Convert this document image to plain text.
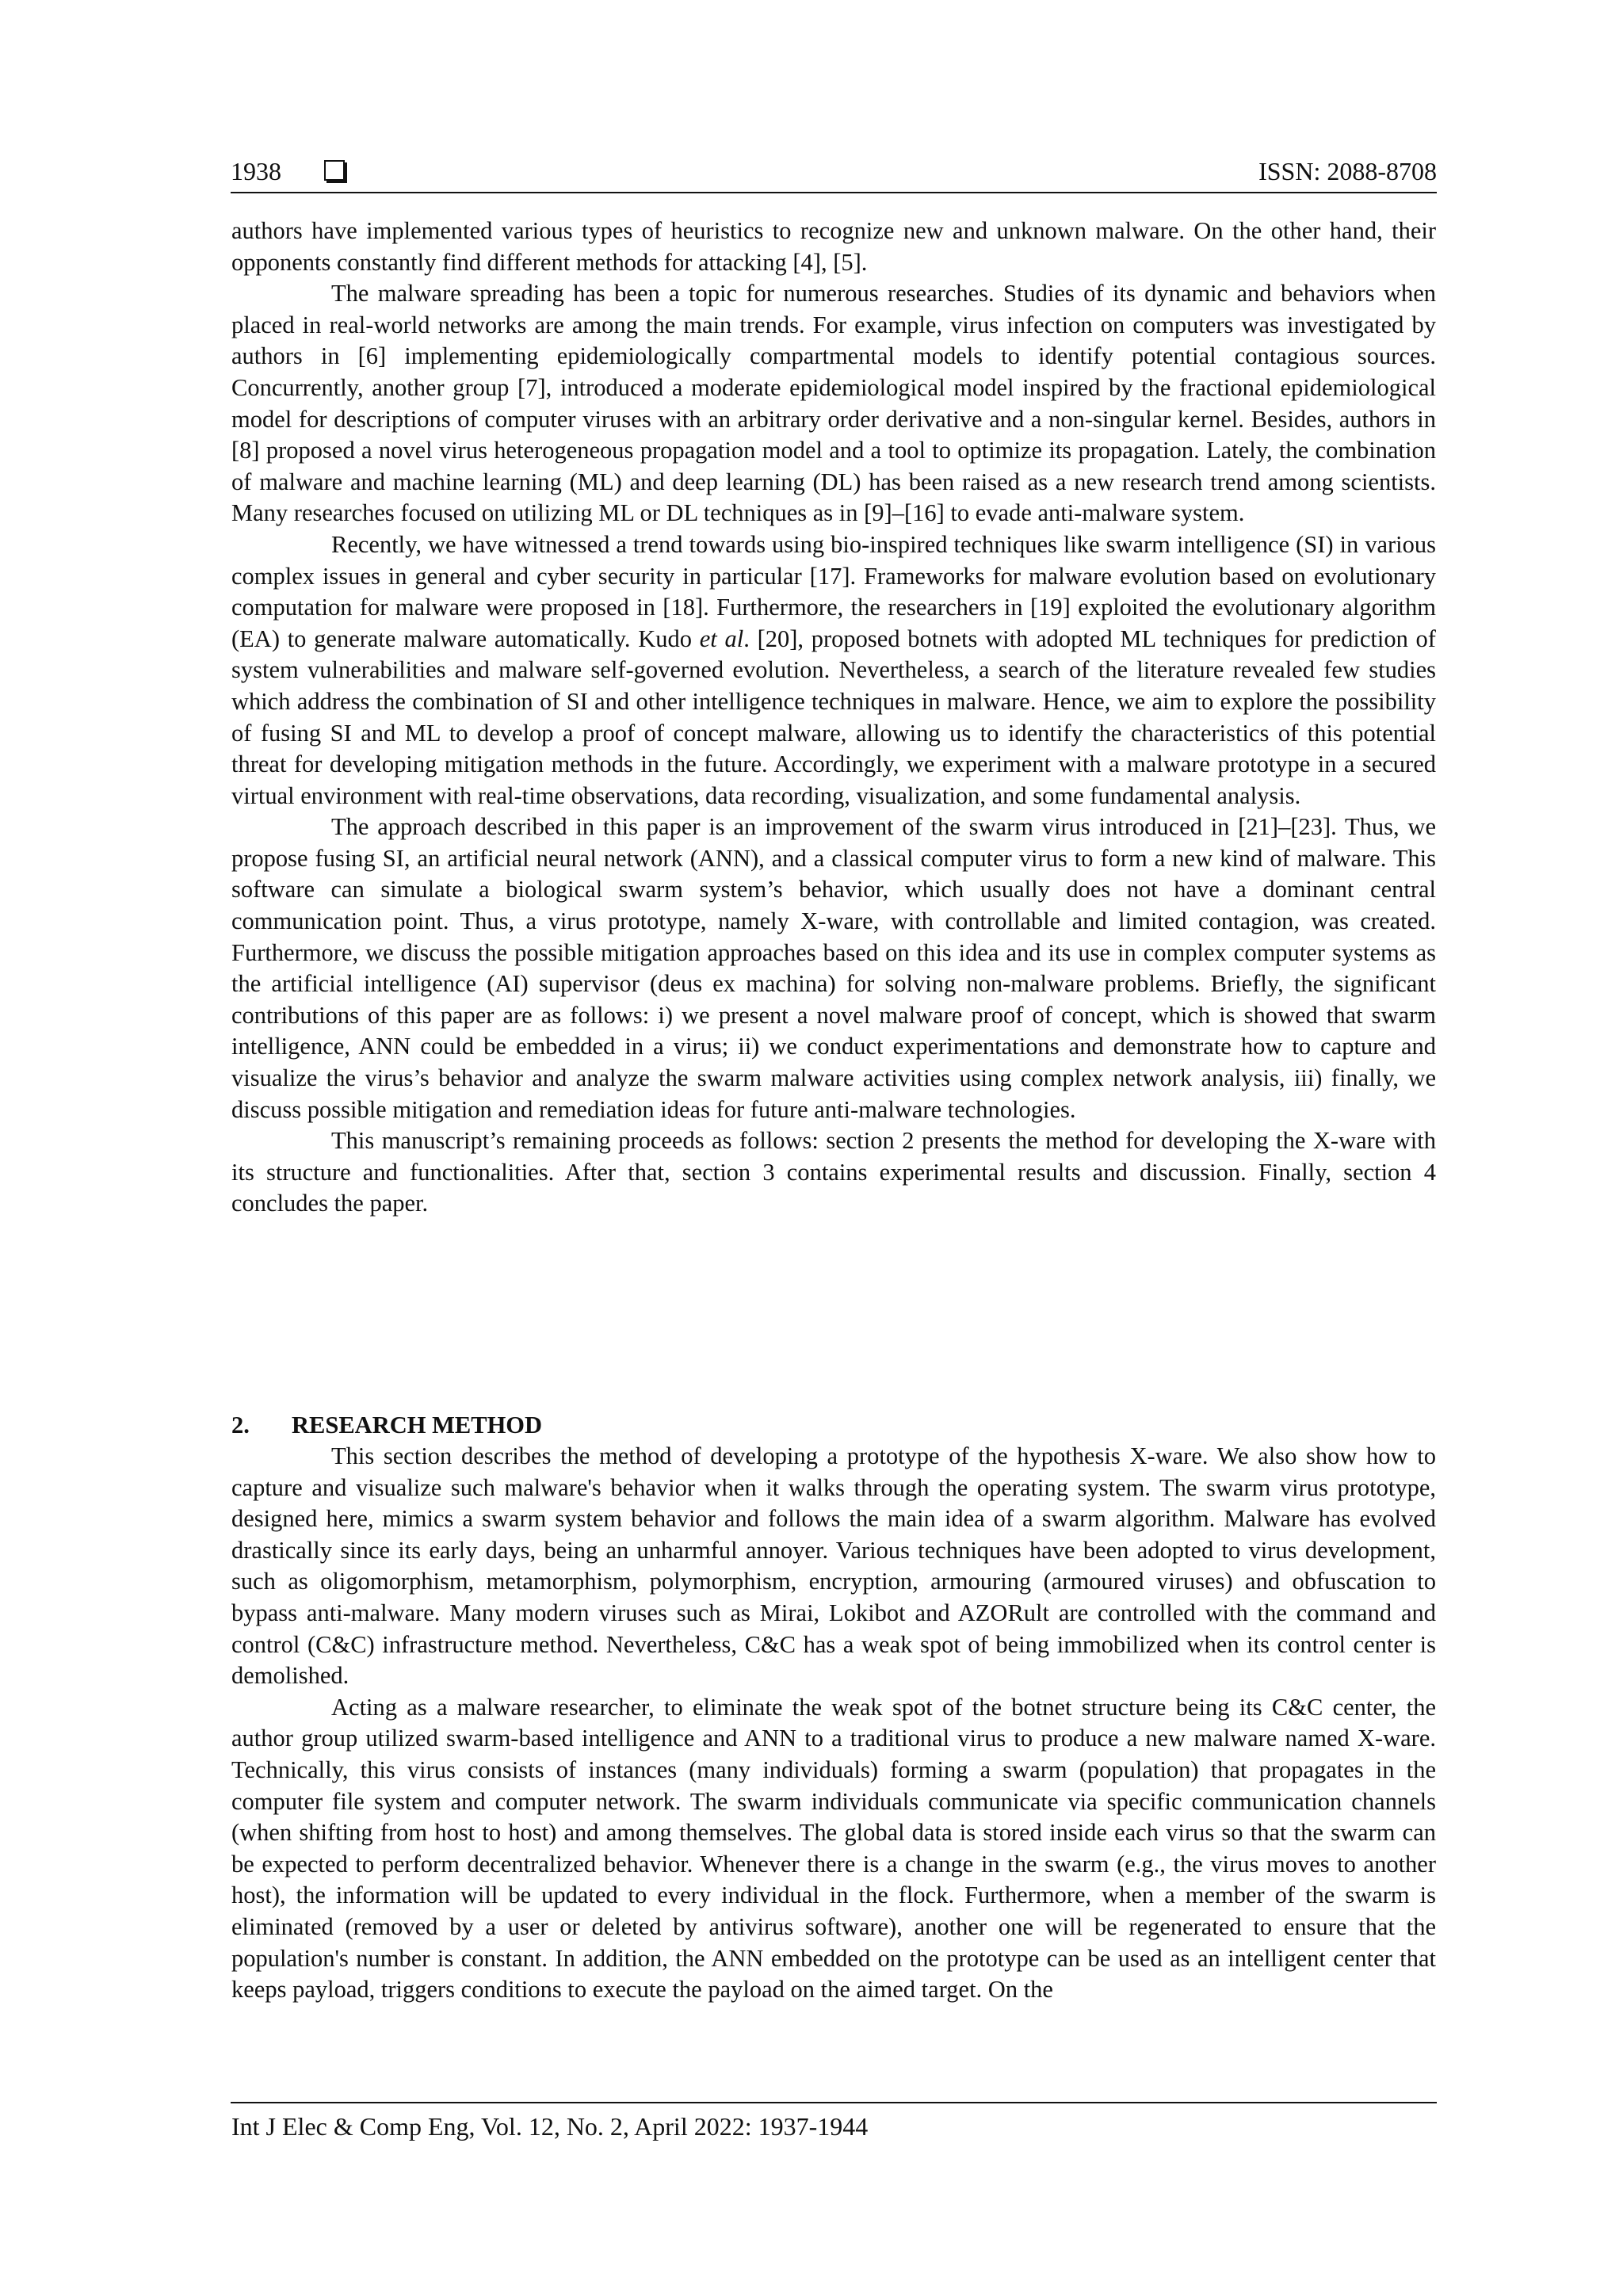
1938	ISSN: 2088-8708

authors have implemented various types of heuristics to recognize new and unknown malware. On the other hand, their opponents constantly find different methods for attacking [4], [5].

The malware spreading has been a topic for numerous researches. Studies of its dynamic and behaviors when placed in real-world networks are among the main trends. For example, virus infection on computers was investigated by authors in [6] implementing epidemiologically compartmental models to identify potential contagious sources. Concurrently, another group [7], introduced a moderate epidemiological model inspired by the fractional epidemiological model for descriptions of computer viruses with an arbitrary order derivative and a non-singular kernel. Besides, authors in [8] proposed a novel virus heterogeneous propagation model and a tool to optimize its propagation. Lately, the combination of malware and machine learning (ML) and deep learning (DL) has been raised as a new research trend among scientists. Many researches focused on utilizing ML or DL techniques as in [9]–[16] to evade anti-malware system.

Recently, we have witnessed a trend towards using bio-inspired techniques like swarm intelligence (SI) in various complex issues in general and cyber security in particular [17]. Frameworks for malware evolution based on evolutionary computation for malware were proposed in [18]. Furthermore, the researchers in [19] exploited the evolutionary algorithm (EA) to generate malware automatically. Kudo et al. [20], proposed botnets with adopted ML techniques for prediction of system vulnerabilities and malware self-governed evolution. Nevertheless, a search of the literature revealed few studies which address the combination of SI and other intelligence techniques in malware. Hence, we aim to explore the possibility of fusing SI and ML to develop a proof of concept malware, allowing us to identify the characteristics of this potential threat for developing mitigation methods in the future. Accordingly, we experiment with a malware prototype in a secured virtual environment with real-time observations, data recording, visualization, and some fundamental analysis.

The approach described in this paper is an improvement of the swarm virus introduced in [21]–[23]. Thus, we propose fusing SI, an artificial neural network (ANN), and a classical computer virus to form a new kind of malware. This software can simulate a biological swarm system’s behavior, which usually does not have a dominant central communication point. Thus, a virus prototype, namely X-ware, with controllable and limited contagion, was created. Furthermore, we discuss the possible mitigation approaches based on this idea and its use in complex computer systems as the artificial intelligence (AI) supervisor (deus ex machina) for solving non-malware problems. Briefly, the significant contributions of this paper are as follows: i) we present a novel malware proof of concept, which is showed that swarm intelligence, ANN could be embedded in a virus; ii) we conduct experimentations and demonstrate how to capture and visualize the virus’s behavior and analyze the swarm malware activities using complex network analysis, iii) finally, we discuss possible mitigation and remediation ideas for future anti-malware technologies.

This manuscript’s remaining proceeds as follows: section 2 presents the method for developing the X-ware with its structure and functionalities. After that, section 3 contains experimental results and discussion. Finally, section 4 concludes the paper.

2. RESEARCH METHOD

This section describes the method of developing a prototype of the hypothesis X-ware. We also show how to capture and visualize such malware's behavior when it walks through the operating system. The swarm virus prototype, designed here, mimics a swarm system behavior and follows the main idea of a swarm algorithm. Malware has evolved drastically since its early days, being an unharmful annoyer. Various techniques have been adopted to virus development, such as oligomorphism, metamorphism, polymorphism, encryption, armouring (armoured viruses) and obfuscation to bypass anti-malware. Many modern viruses such as Mirai, Lokibot and AZORult are controlled with the command and control (C&C) infrastructure method. Nevertheless, C&C has a weak spot of being immobilized when its control center is demolished.

Acting as a malware researcher, to eliminate the weak spot of the botnet structure being its C&C center, the author group utilized swarm-based intelligence and ANN to a traditional virus to produce a new malware named X-ware. Technically, this virus consists of instances (many individuals) forming a swarm (population) that propagates in the computer file system and computer network. The swarm individuals communicate via specific communication channels (when shifting from host to host) and among themselves. The global data is stored inside each virus so that the swarm can be expected to perform decentralized behavior. Whenever there is a change in the swarm (e.g., the virus moves to another host), the information will be updated to every individual in the flock. Furthermore, when a member of the swarm is eliminated (removed by a user or deleted by antivirus software), another one will be regenerated to ensure that the population's number is constant. In addition, the ANN embedded on the prototype can be used as an intelligent center that keeps payload, triggers conditions to execute the payload on the aimed target. On the

Int J Elec & Comp Eng, Vol. 12, No. 2, April 2022: 1937-1944
